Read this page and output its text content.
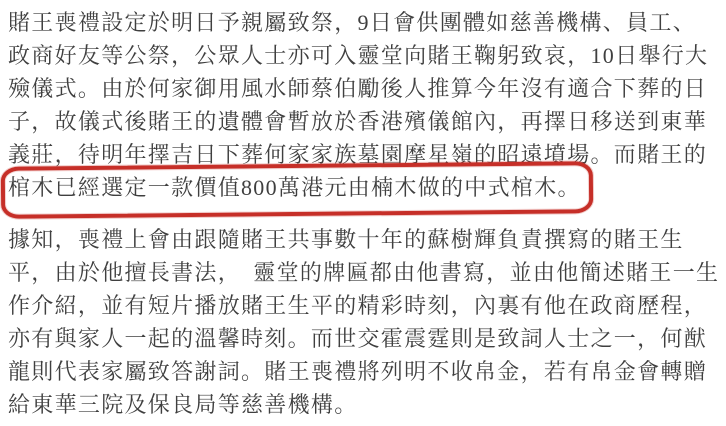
賭王喪禮設定於明日予親屬致祭，9日會供團體如慈善機構、員工、
政商好友等公祭，公眾人士亦可入靈堂向賭王鞠躬致哀，10日舉行大
殮儀式。由於何家御用風水師蔡伯勵後人推算今年沒有適合下葬的日
子，故儀式後賭王的遺體會暫放於香港殯儀館內，再擇日移送到東華
義莊，待明年擇吉日下葬何家家族墓園摩星嶺的昭遠墳場。而賭王的
棺木已經選定一款價值800萬港元由楠木做的中式棺木。
據知，喪禮上會由跟隨賭王共事數十年的蘇樹輝負責撰寫的賭王生
平，由於他擅長書法，　靈堂的牌匾都由他書寫，並由他簡述賭王一生
作介紹，並有短片播放賭王生平的精彩時刻，內裏有他在政商歷程，
亦有與家人一起的溫馨時刻。而世交霍震霆則是致詞人士之一，何猷
龍則代表家屬致答謝詞。賭王喪禮將列明不收帛金，若有帛金會轉贈
給東華三院及保良局等慈善機構。
